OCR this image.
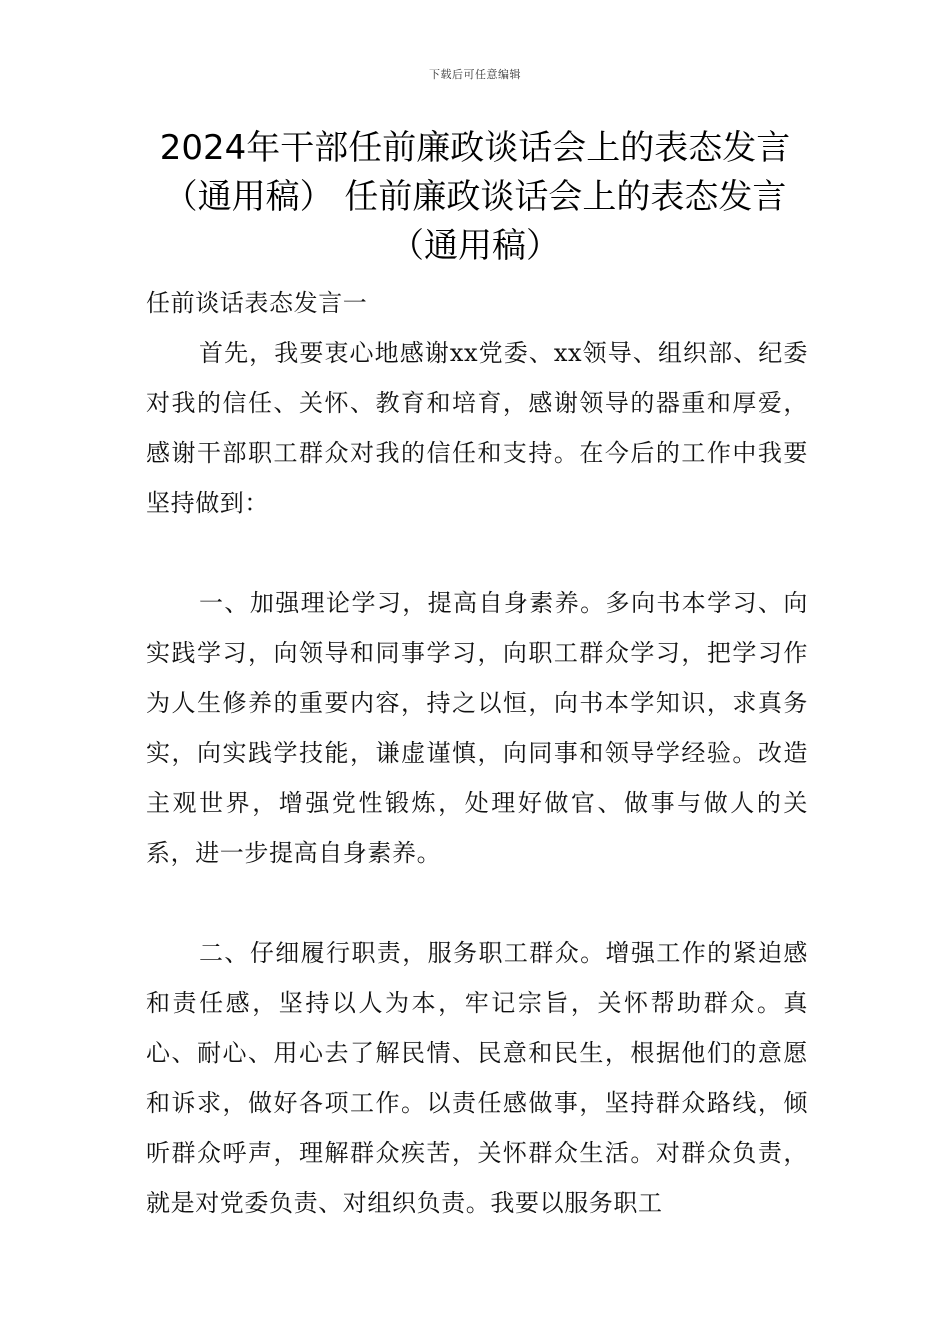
下载后可任意编辑
2024年干部任前廉政谈话会上的表态发言
（通用稿） 任前廉政谈话会上的表态发言
（通用稿）

任前谈话表态发言一

首先，我要衷心地感谢xx党委、xx领导、组织部、纪委对我的信任、关怀、教育和培育，感谢领导的器重和厚爱，感谢干部职工群众对我的信任和支持。在今后的工作中我要坚持做到：

一、加强理论学习，提高自身素养。多向书本学习、向实践学习，向领导和同事学习，向职工群众学习，把学习作为人生修养的重要内容，持之以恒，向书本学知识，求真务实，向实践学技能，谦虚谨慎，向同事和领导学经验。改造主观世界，增强党性锻炼，处理好做官、做事与做人的关系，进一步提高自身素养。

二、仔细履行职责，服务职工群众。增强工作的紧迫感和责任感，坚持以人为本，牢记宗旨，关怀帮助群众。真心、耐心、用心去了解民情、民意和民生，根据他们的意愿和诉求，做好各项工作。以责任感做事，坚持群众路线，倾听群众呼声，理解群众疾苦，关怀群众生活。对群众负责，就是对党委负责、对组织负责。我要以服务职工
